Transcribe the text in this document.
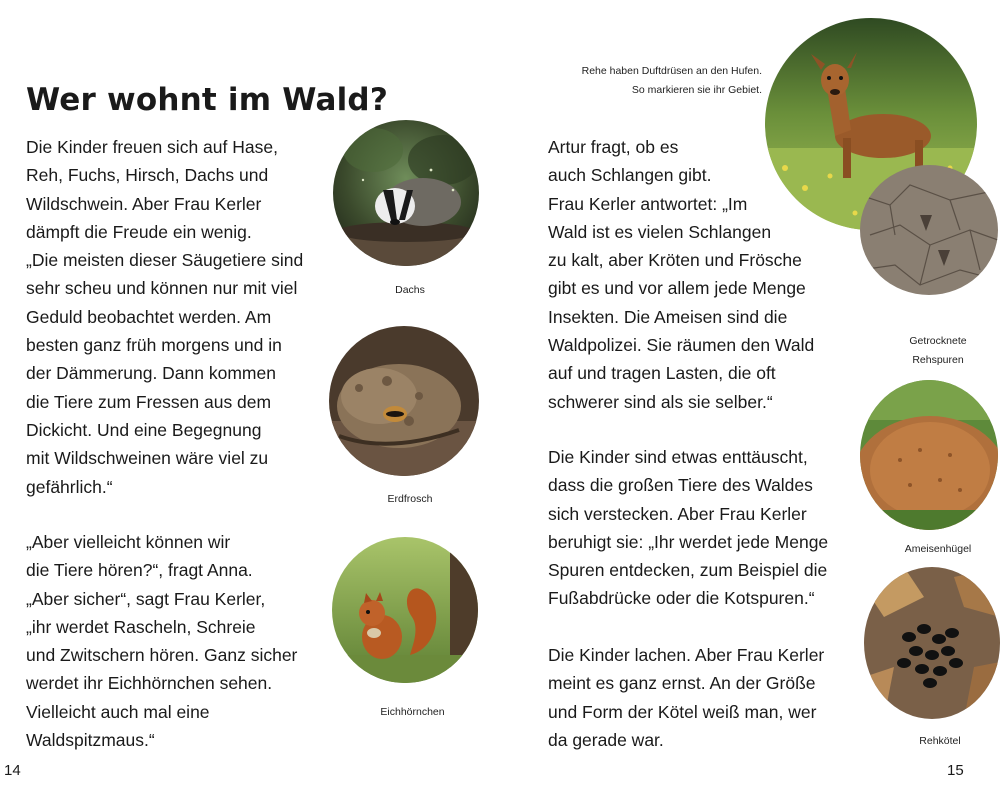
Wer wohnt im Wald?
Die Kinder freuen sich auf Hase,
Reh, Fuchs, Hirsch, Dachs und
Wildschwein. Aber Frau Kerler
dämpft die Freude ein wenig.
„Die meisten dieser Säugetiere sind
sehr scheu und können nur mit viel
Geduld beobachtet werden. Am
besten ganz früh morgens und in
der Dämmerung. Dann kommen
die Tiere zum Fressen aus dem
Dickicht. Und eine Begegnung
mit Wildschweinen wäre viel zu
gefährlich.“
„Aber vielleicht können wir
die Tiere hören?“, fragt Anna.
„Aber sicher“, sagt Frau Kerler,
„ihr werdet Rascheln, Schreie
und Zwitschern hören. Ganz sicher
werdet ihr Eichhörnchen sehen.
Vielleicht auch mal eine
Waldspitzmaus.“
Dachs
Erdfrosch
Eichhörnchen
14
Rehe haben Duftdrüsen an den Hufen.
So markieren sie ihr Gebiet.
Artur fragt, ob es
auch Schlangen gibt.
Frau Kerler antwortet: „Im
Wald ist es vielen Schlangen
zu kalt, aber Kröten und Frösche
gibt es und vor allem jede Menge
Insekten. Die Ameisen sind die
Waldpolizei. Sie räumen den Wald
auf und tragen Lasten, die oft
schwerer sind als sie selber.“
Die Kinder sind etwas enttäuscht,
dass die großen Tiere des Waldes
sich verstecken. Aber Frau Kerler
beruhigt sie: „Ihr werdet jede Menge
Spuren entdecken, zum Beispiel die
Fußabdrücke oder die Kotspuren.“
Die Kinder lachen. Aber Frau Kerler
meint es ganz ernst. An der Größe
und Form der Kötel weiß man, wer
da gerade war.
Getrocknete
Rehspuren
Ameisenhügel
Rehkötel
15
